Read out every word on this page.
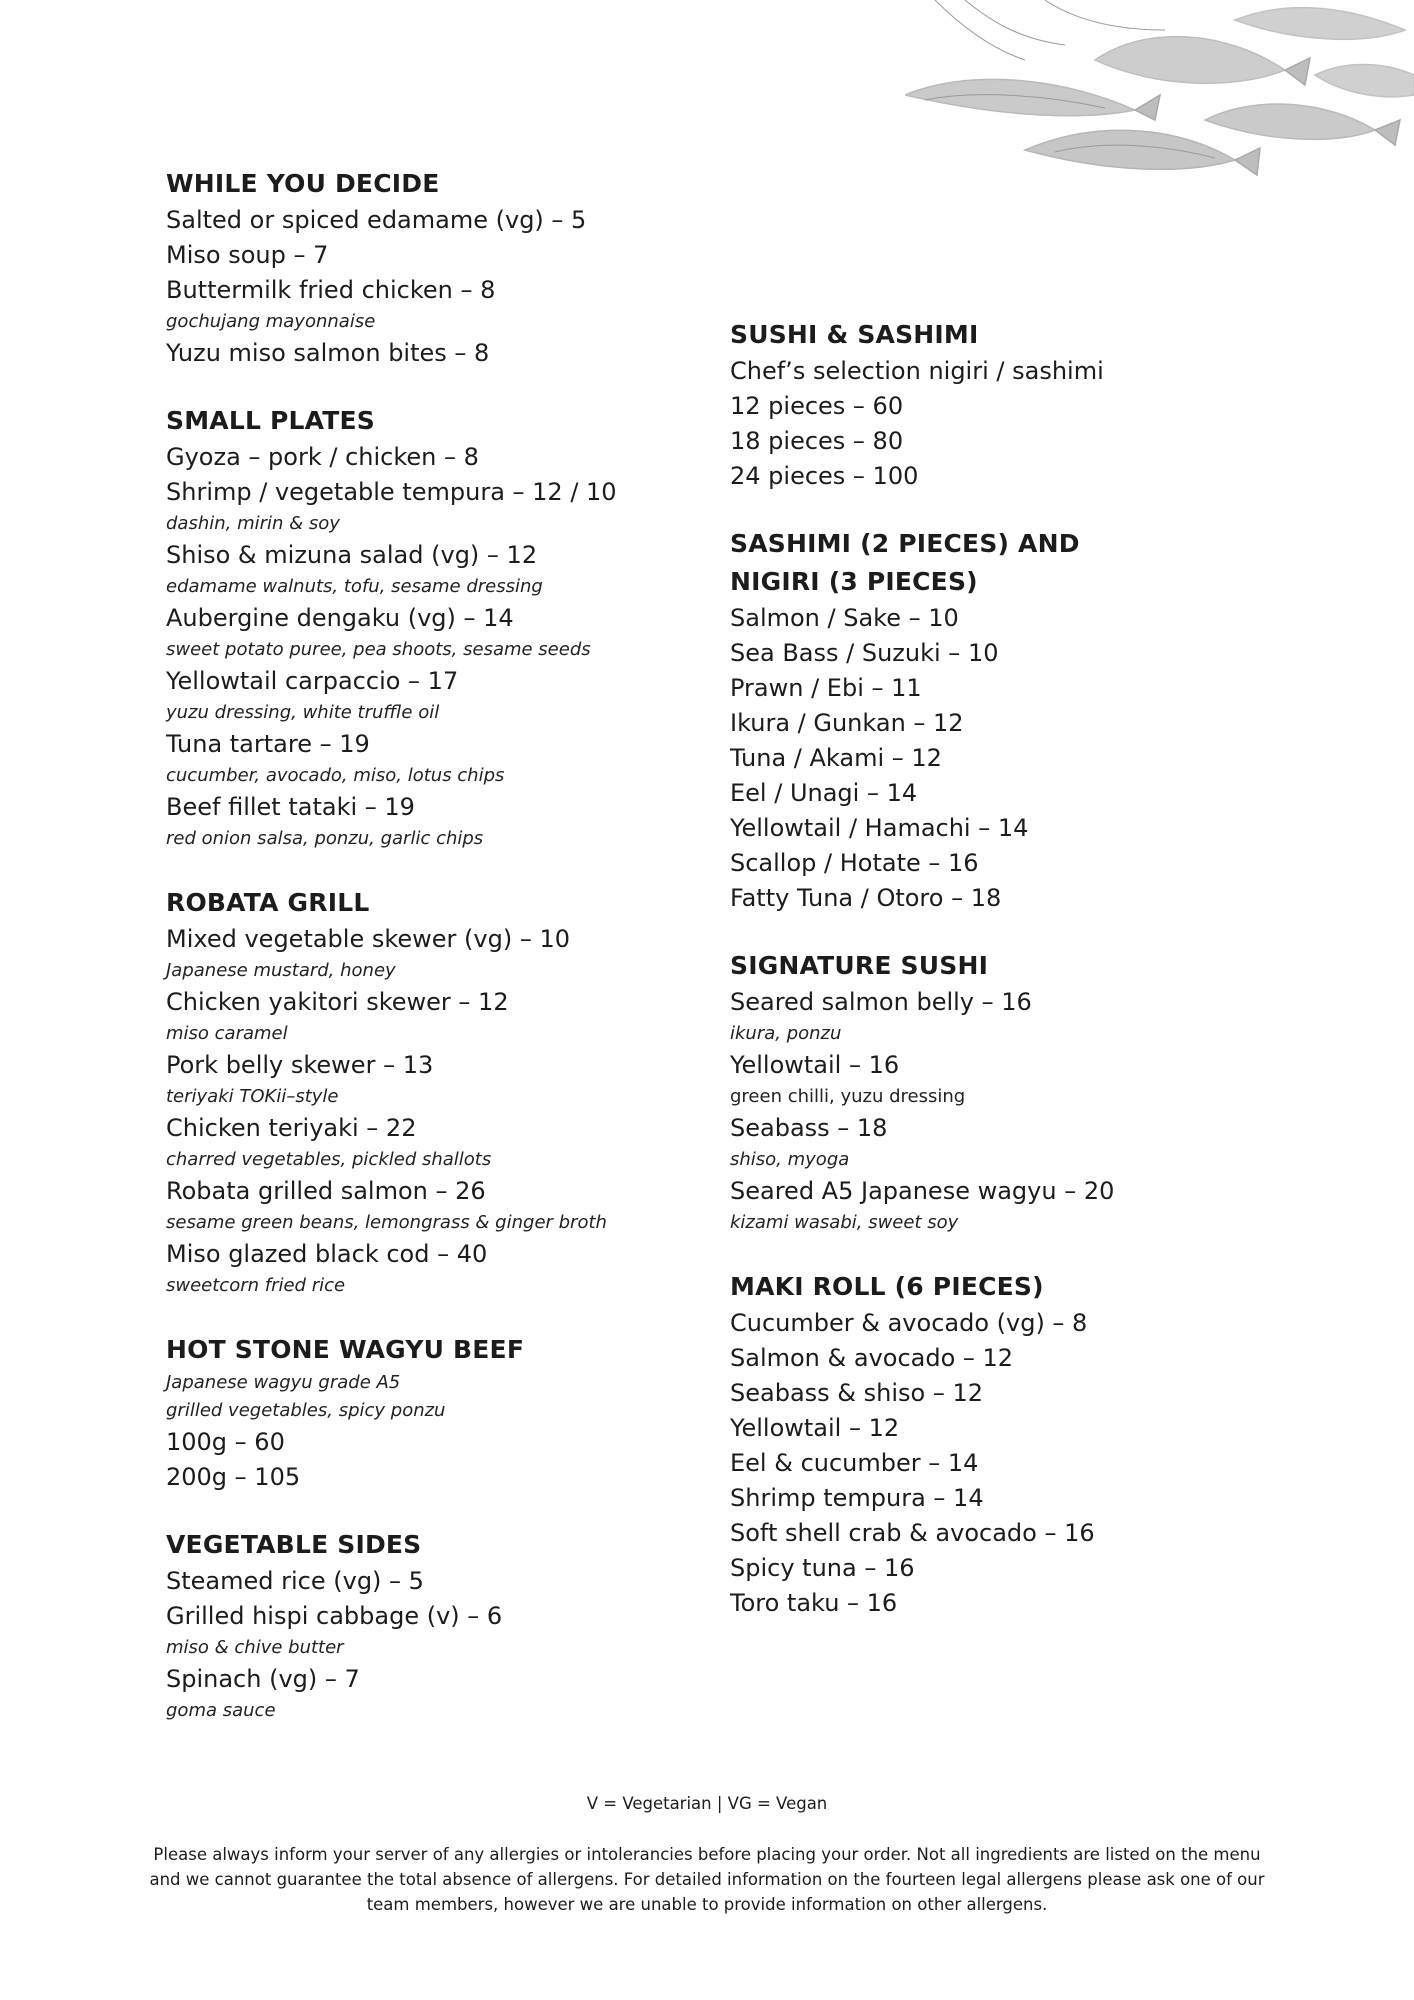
WHILE YOU DECIDE

Salted or spiced edamame (vg) – 5

Miso soup – 7

Buttermilk fried chicken – 8

gochujang mayonnaise

Yuzu miso salmon bites – 8

SMALL PLATES

Gyoza – pork / chicken – 8

Shrimp / vegetable tempura – 12 / 10

dashin, mirin & soy

Shiso & mizuna salad (vg) – 12

edamame walnuts, tofu, sesame dressing

Aubergine dengaku (vg) – 14

sweet potato puree, pea shoots, sesame seeds

Yellowtail carpaccio – 17

yuzu dressing, white truffle oil

Tuna tartare – 19

cucumber, avocado, miso, lotus chips

Beef fillet tataki – 19

red onion salsa, ponzu, garlic chips

ROBATA GRILL

Mixed vegetable skewer (vg) – 10

Japanese mustard, honey

Chicken yakitori skewer – 12

miso caramel

Pork belly skewer – 13

teriyaki TOKii–style

Chicken teriyaki – 22

charred vegetables, pickled shallots

Robata grilled salmon – 26

sesame green beans, lemongrass & ginger broth

Miso glazed black cod – 40

sweetcorn fried rice

HOT STONE WAGYU BEEF

Japanese wagyu grade A5

grilled vegetables, spicy ponzu

100g – 60

200g – 105

VEGETABLE SIDES

Steamed rice (vg) – 5

Grilled hispi cabbage (v) – 6

miso & chive butter

Spinach (vg) – 7

goma sauce

SUSHI & SASHIMI

Chef’s selection nigiri / sashimi

12 pieces – 60

18 pieces – 80

24 pieces – 100

SASHIMI (2 PIECES) AND NIGIRI (3 PIECES)

Salmon / Sake – 10

Sea Bass / Suzuki – 10

Prawn / Ebi – 11

Ikura / Gunkan – 12

Tuna / Akami – 12

Eel / Unagi – 14

Yellowtail / Hamachi – 14

Scallop / Hotate – 16

Fatty Tuna / Otoro – 18

SIGNATURE SUSHI

Seared salmon belly – 16

ikura, ponzu

Yellowtail – 16

green chilli, yuzu dressing

Seabass – 18

shiso, myoga

Seared A5 Japanese wagyu – 20

kizami wasabi, sweet soy

MAKI ROLL (6 PIECES)

Cucumber & avocado (vg) – 8

Salmon & avocado – 12

Seabass & shiso – 12

Yellowtail – 12

Eel & cucumber – 14

Shrimp tempura – 14

Soft shell crab & avocado – 16

Spicy tuna – 16

Toro taku – 16

V = Vegetarian | VG = Vegan
Please always inform your server of any allergies or intolerancies before placing your order. Not all ingredients are listed on the menu and we cannot guarantee the total absence of allergens. For detailed information on the fourteen legal allergens please ask one of our team members, however we are unable to provide information on other allergens.
